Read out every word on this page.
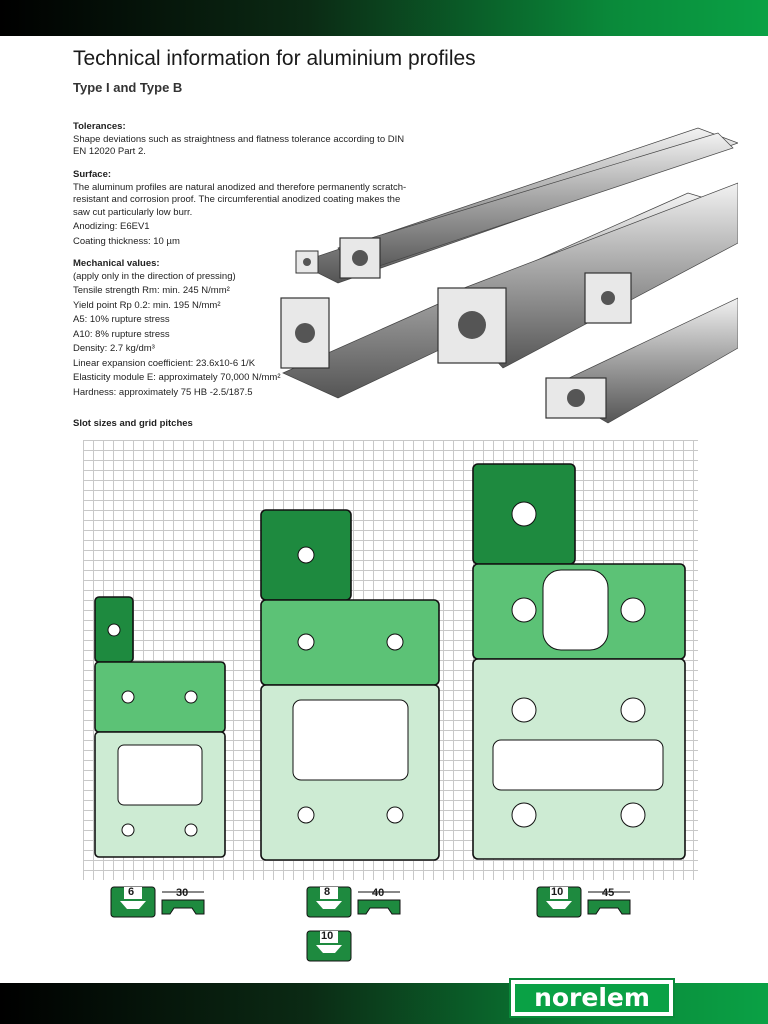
Technical information for aluminium profiles
Type I and Type B

Tolerances:

Shape deviations such as straightness and flatness tolerance according to DIN EN 12020 Part 2.

Surface:

The aluminum profiles are natural anodized and therefore permanently scratch-resistant and corrosion proof. The circumferential anodized coating makes the saw cut particularly low burr.

Anodizing: E6EV1

Coating thickness: 10 µm

Mechanical values:

(apply only in the direction of pressing)

Tensile strength Rm: min. 245 N/mm²

Yield point Rp 0.2: min. 195 N/mm²

A5: 10% rupture stress

A10: 8% rupture stress

Density: 2.7 kg/dm³

Linear expansion coefficient: 23.6x10-6 1/K

Elasticity module E: approximately 70,000 N/mm²

Hardness: approximately 75 HB -2.5/187.5

Slot sizes and grid pitches

6	30	8	40
10
10	45
norelem
